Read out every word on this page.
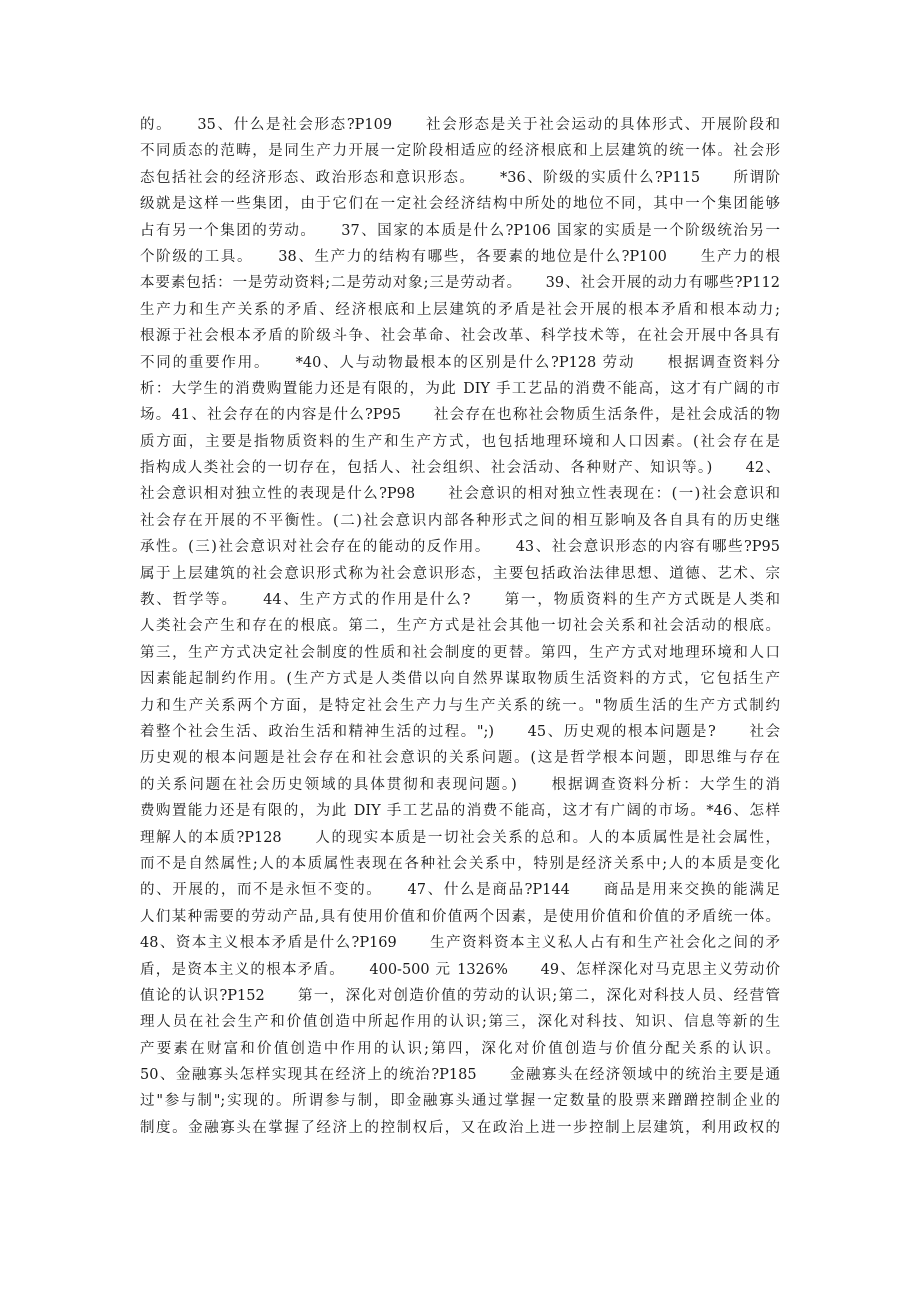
的。　　35、什么是社会形态?P109　　社会形态是关于社会运动的具体形式、开展阶段和
不同质态的范畴，是同生产力开展一定阶段相适应的经济根底和上层建筑的统一体。社会形
态包括社会的经济形态、政治形态和意识形态。　　*36、阶级的实质什么?P115　　所谓阶
级就是这样一些集团，由于它们在一定社会经济结构中所处的地位不同，其中一个集团能够
占有另一个集团的劳动。　　37、国家的本质是什么?P106 国家的实质是一个阶级统治另一
个阶级的工具。　　38、生产力的结构有哪些，各要素的地位是什么?P100　　生产力的根
本要素包括：一是劳动资料;二是劳动对象;三是劳动者。　　39、社会开展的动力有哪些?P112
生产力和生产关系的矛盾、经济根底和上层建筑的矛盾是社会开展的根本矛盾和根本动力;
根源于社会根本矛盾的阶级斗争、社会革命、社会改革、科学技术等，在社会开展中各具有
不同的重要作用。　　*40、人与动物最根本的区别是什么?P128 劳动　　根据调查资料分
析：大学生的消费购置能力还是有限的，为此 DIY 手工艺品的消费不能高，这才有广阔的市
场。41、社会存在的内容是什么?P95　　社会存在也称社会物质生活条件，是社会成活的物
质方面，主要是指物质资料的生产和生产方式，也包括地理环境和人口因素。(社会存在是
指构成人类社会的一切存在，包括人、社会组织、社会活动、各种财产、知识等。)　　42、
社会意识相对独立性的表现是什么?P98　　社会意识的相对独立性表现在：(一)社会意识和
社会存在开展的不平衡性。(二)社会意识内部各种形式之间的相互影响及各自具有的历史继
承性。(三)社会意识对社会存在的能动的反作用。　　43、社会意识形态的内容有哪些?P95
属于上层建筑的社会意识形式称为社会意识形态，主要包括政治法律思想、道德、艺术、宗
教、哲学等。　　44、生产方式的作用是什么?　　第一，物质资料的生产方式既是人类和
人类社会产生和存在的根底。第二，生产方式是社会其他一切社会关系和社会活动的根底。
第三，生产方式决定社会制度的性质和社会制度的更替。第四，生产方式对地理环境和人口
因素能起制约作用。(生产方式是人类借以向自然界谋取物质生活资料的方式，它包括生产
力和生产关系两个方面，是特定社会生产力与生产关系的统一。"物质生活的生产方式制约
着整个社会生活、政治生活和精神生活的过程。";)　　45、历史观的根本问题是?　　社会
历史观的根本问题是社会存在和社会意识的关系问题。(这是哲学根本问题，即思维与存在
的关系问题在社会历史领域的具体贯彻和表现问题。)　　根据调查资料分析：大学生的消
费购置能力还是有限的，为此 DIY 手工艺品的消费不能高，这才有广阔的市场。*46、怎样
理解人的本质?P128　　人的现实本质是一切社会关系的总和。人的本质属性是社会属性，
而不是自然属性;人的本质属性表现在各种社会关系中，特别是经济关系中;人的本质是变化
的、开展的，而不是永恒不变的。　　47、什么是商品?P144　　商品是用来交换的能满足
人们某种需要的劳动产品,具有使用价值和价值两个因素，是使用价值和价值的矛盾统一体。
48、资本主义根本矛盾是什么?P169　　生产资料资本主义私人占有和生产社会化之间的矛
盾，是资本主义的根本矛盾。　　400-500 元 1326%　　49、怎样深化对马克思主义劳动价
值论的认识?P152　　第一，深化对创造价值的劳动的认识;第二，深化对科技人员、经营管
理人员在社会生产和价值创造中所起作用的认识;第三，深化对科技、知识、信息等新的生
产要素在财富和价值创造中作用的认识;第四，深化对价值创造与价值分配关系的认识。
50、金融寡头怎样实现其在经济上的统治?P185　　金融寡头在经济领域中的统治主要是通
过"参与制";实现的。所谓参与制，即金融寡头通过掌握一定数量的股票来蹭蹭控制企业的
制度。金融寡头在掌握了经济上的控制权后，又在政治上进一步控制上层建筑，利用政权的
